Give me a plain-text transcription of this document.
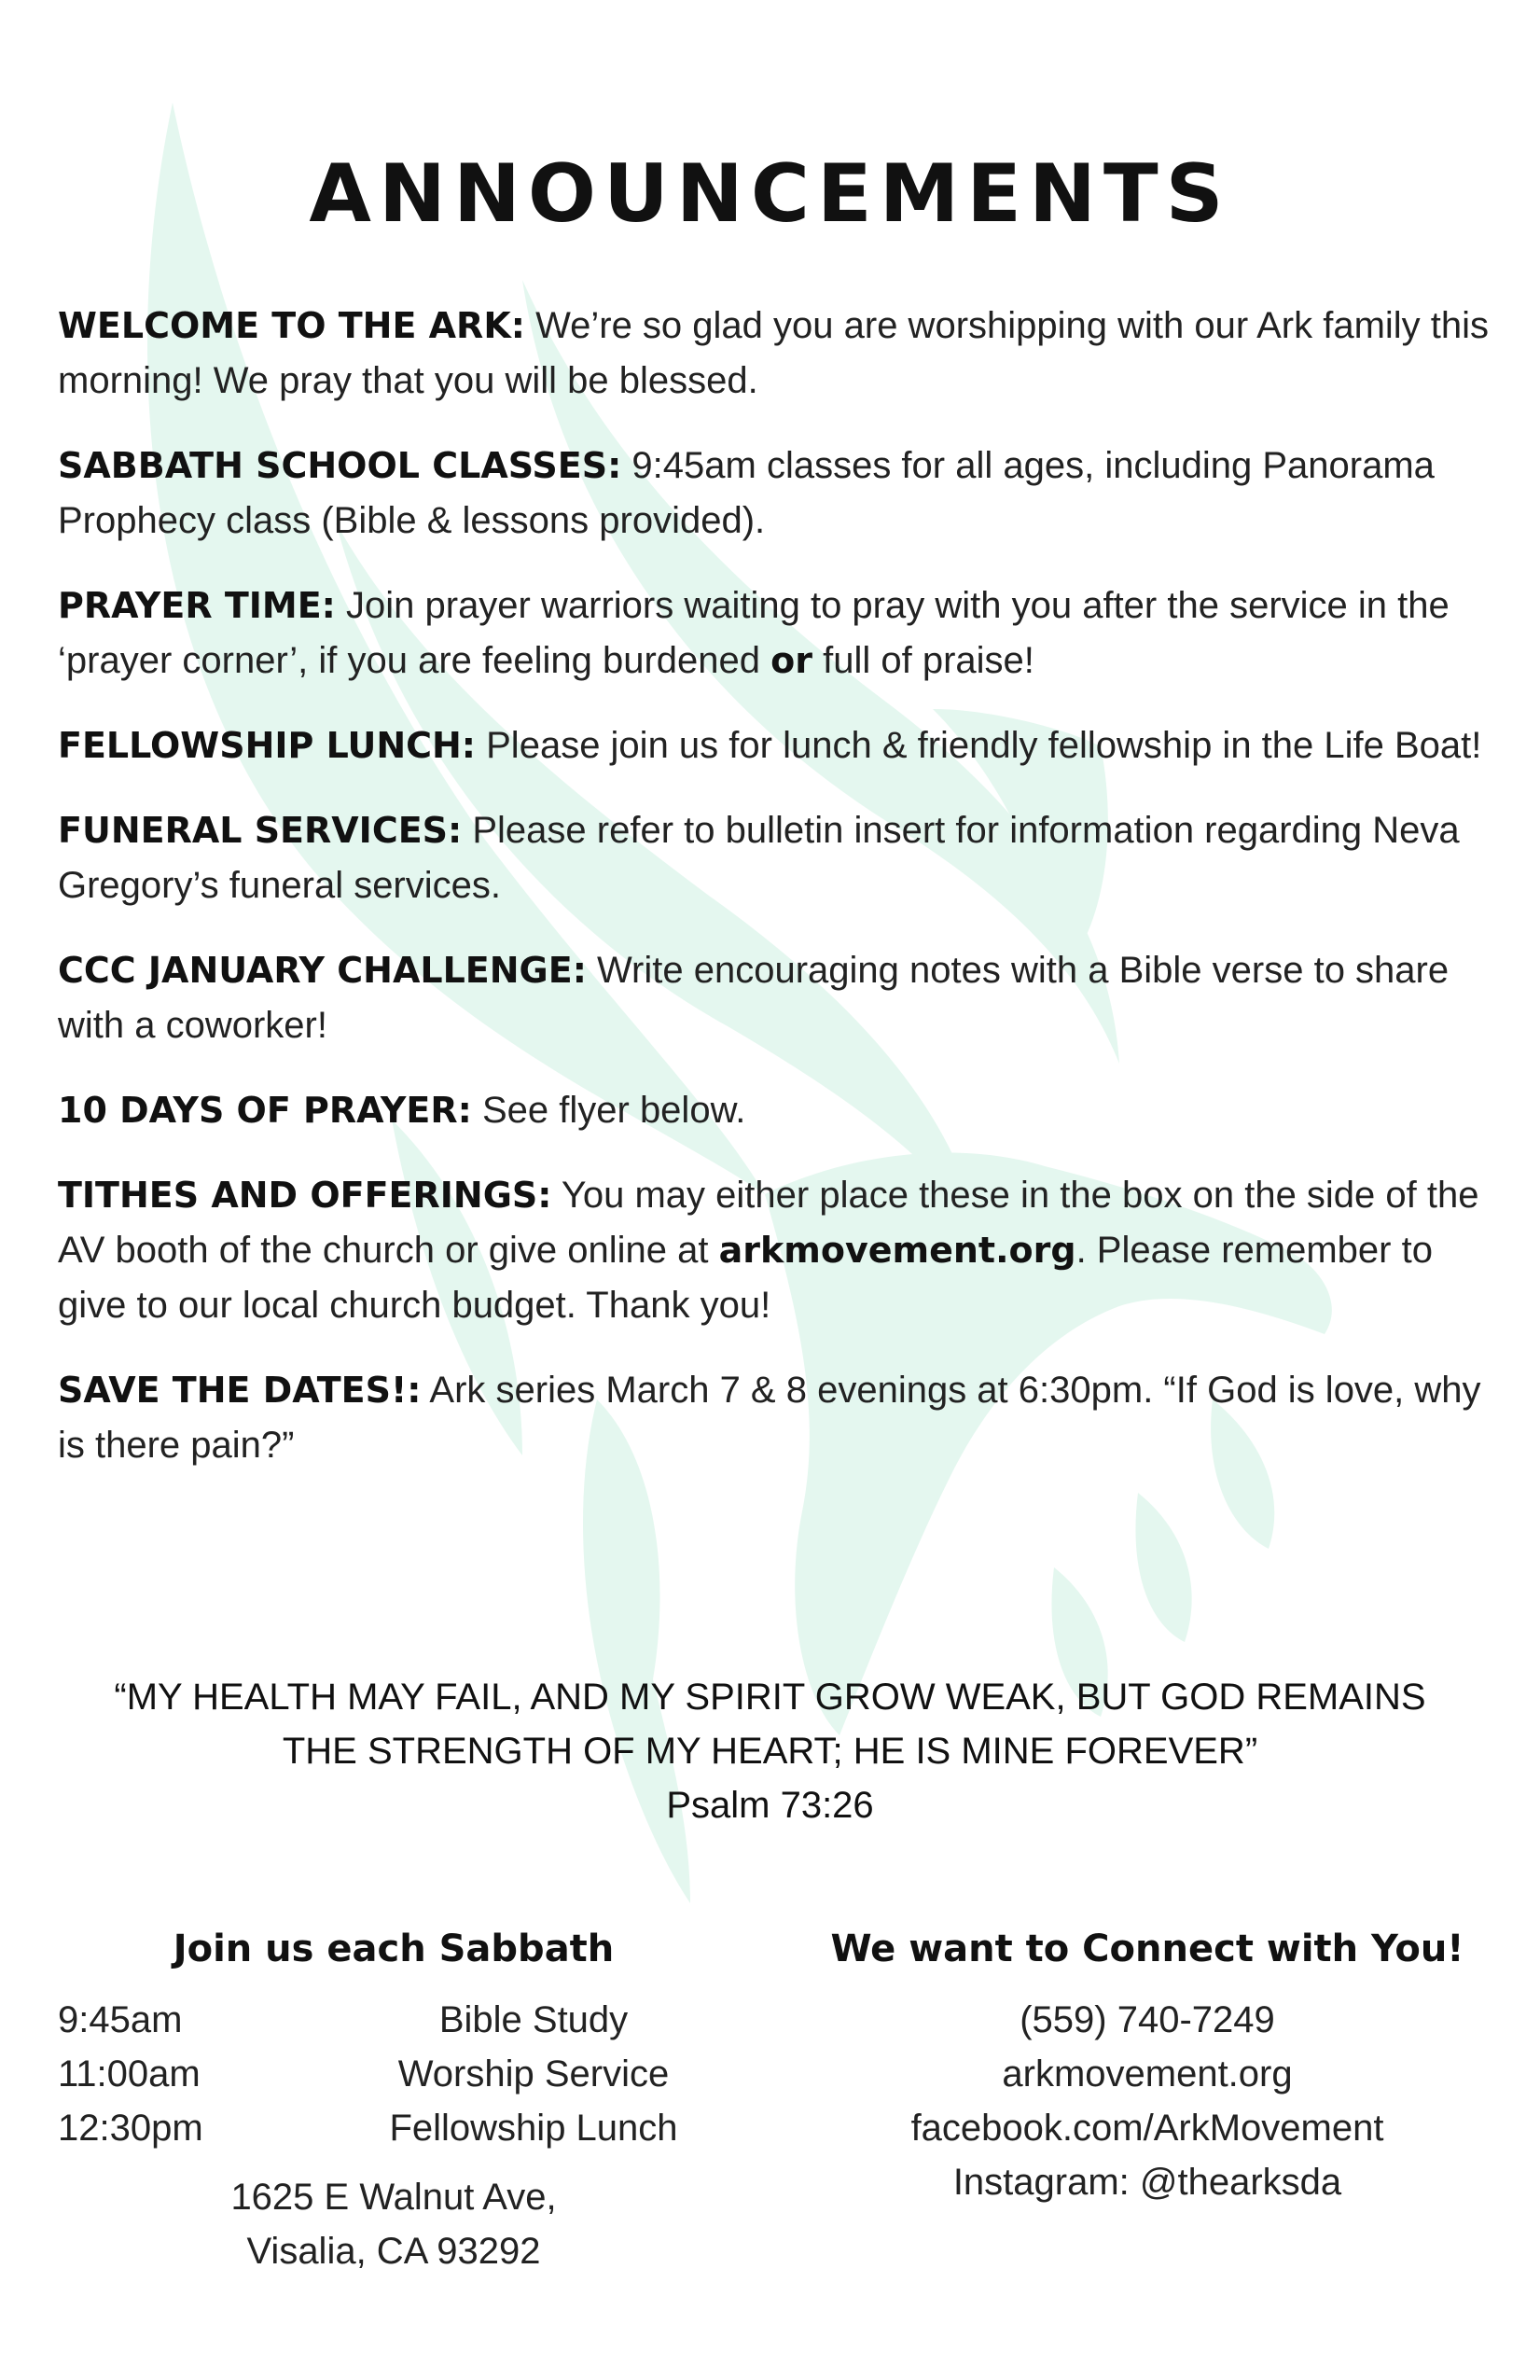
ANNOUNCEMENTS

WELCOME TO THE ARK: We’re so glad you are worshipping with our Ark family this morning! We pray that you will be blessed.

SABBATH SCHOOL CLASSES: 9:45am classes for all ages, including Panorama Prophecy class (Bible & lessons provided).

PRAYER TIME: Join prayer warriors waiting to pray with you after the service in the ‘prayer corner’, if you are feeling burdened or full of praise!

FELLOWSHIP LUNCH: Please join us for lunch & friendly fellowship in the Life Boat!

FUNERAL SERVICES: Please refer to bulletin insert for information regarding Neva Gregory’s funeral services.

CCC JANUARY CHALLENGE: Write encouraging notes with a Bible verse to share with a coworker!

10 DAYS OF PRAYER: See flyer below.

TITHES AND OFFERINGS: You may either place these in the box on the side of the AV booth of the church or give online at arkmovement.org. Please remember to give to our local church budget. Thank you!

SAVE THE DATES!: Ark series March 7 & 8 evenings at 6:30pm. “If God is love, why is there pain?”

“MY HEALTH MAY FAIL, AND MY SPIRIT GROW WEAK, BUT GOD REMAINS
THE STRENGTH OF MY HEART; HE IS MINE FOREVER”
Psalm 73:26
Join us each Sabbath
9:45am	Bible Study
11:00am	Worship Service
12:30pm	Fellowship Lunch
1625 E Walnut Ave,
Visalia, CA 93292
We want to Connect with You!
(559) 740-7249
arkmovement.org
facebook.com/ArkMovement
Instagram: @thearksda
